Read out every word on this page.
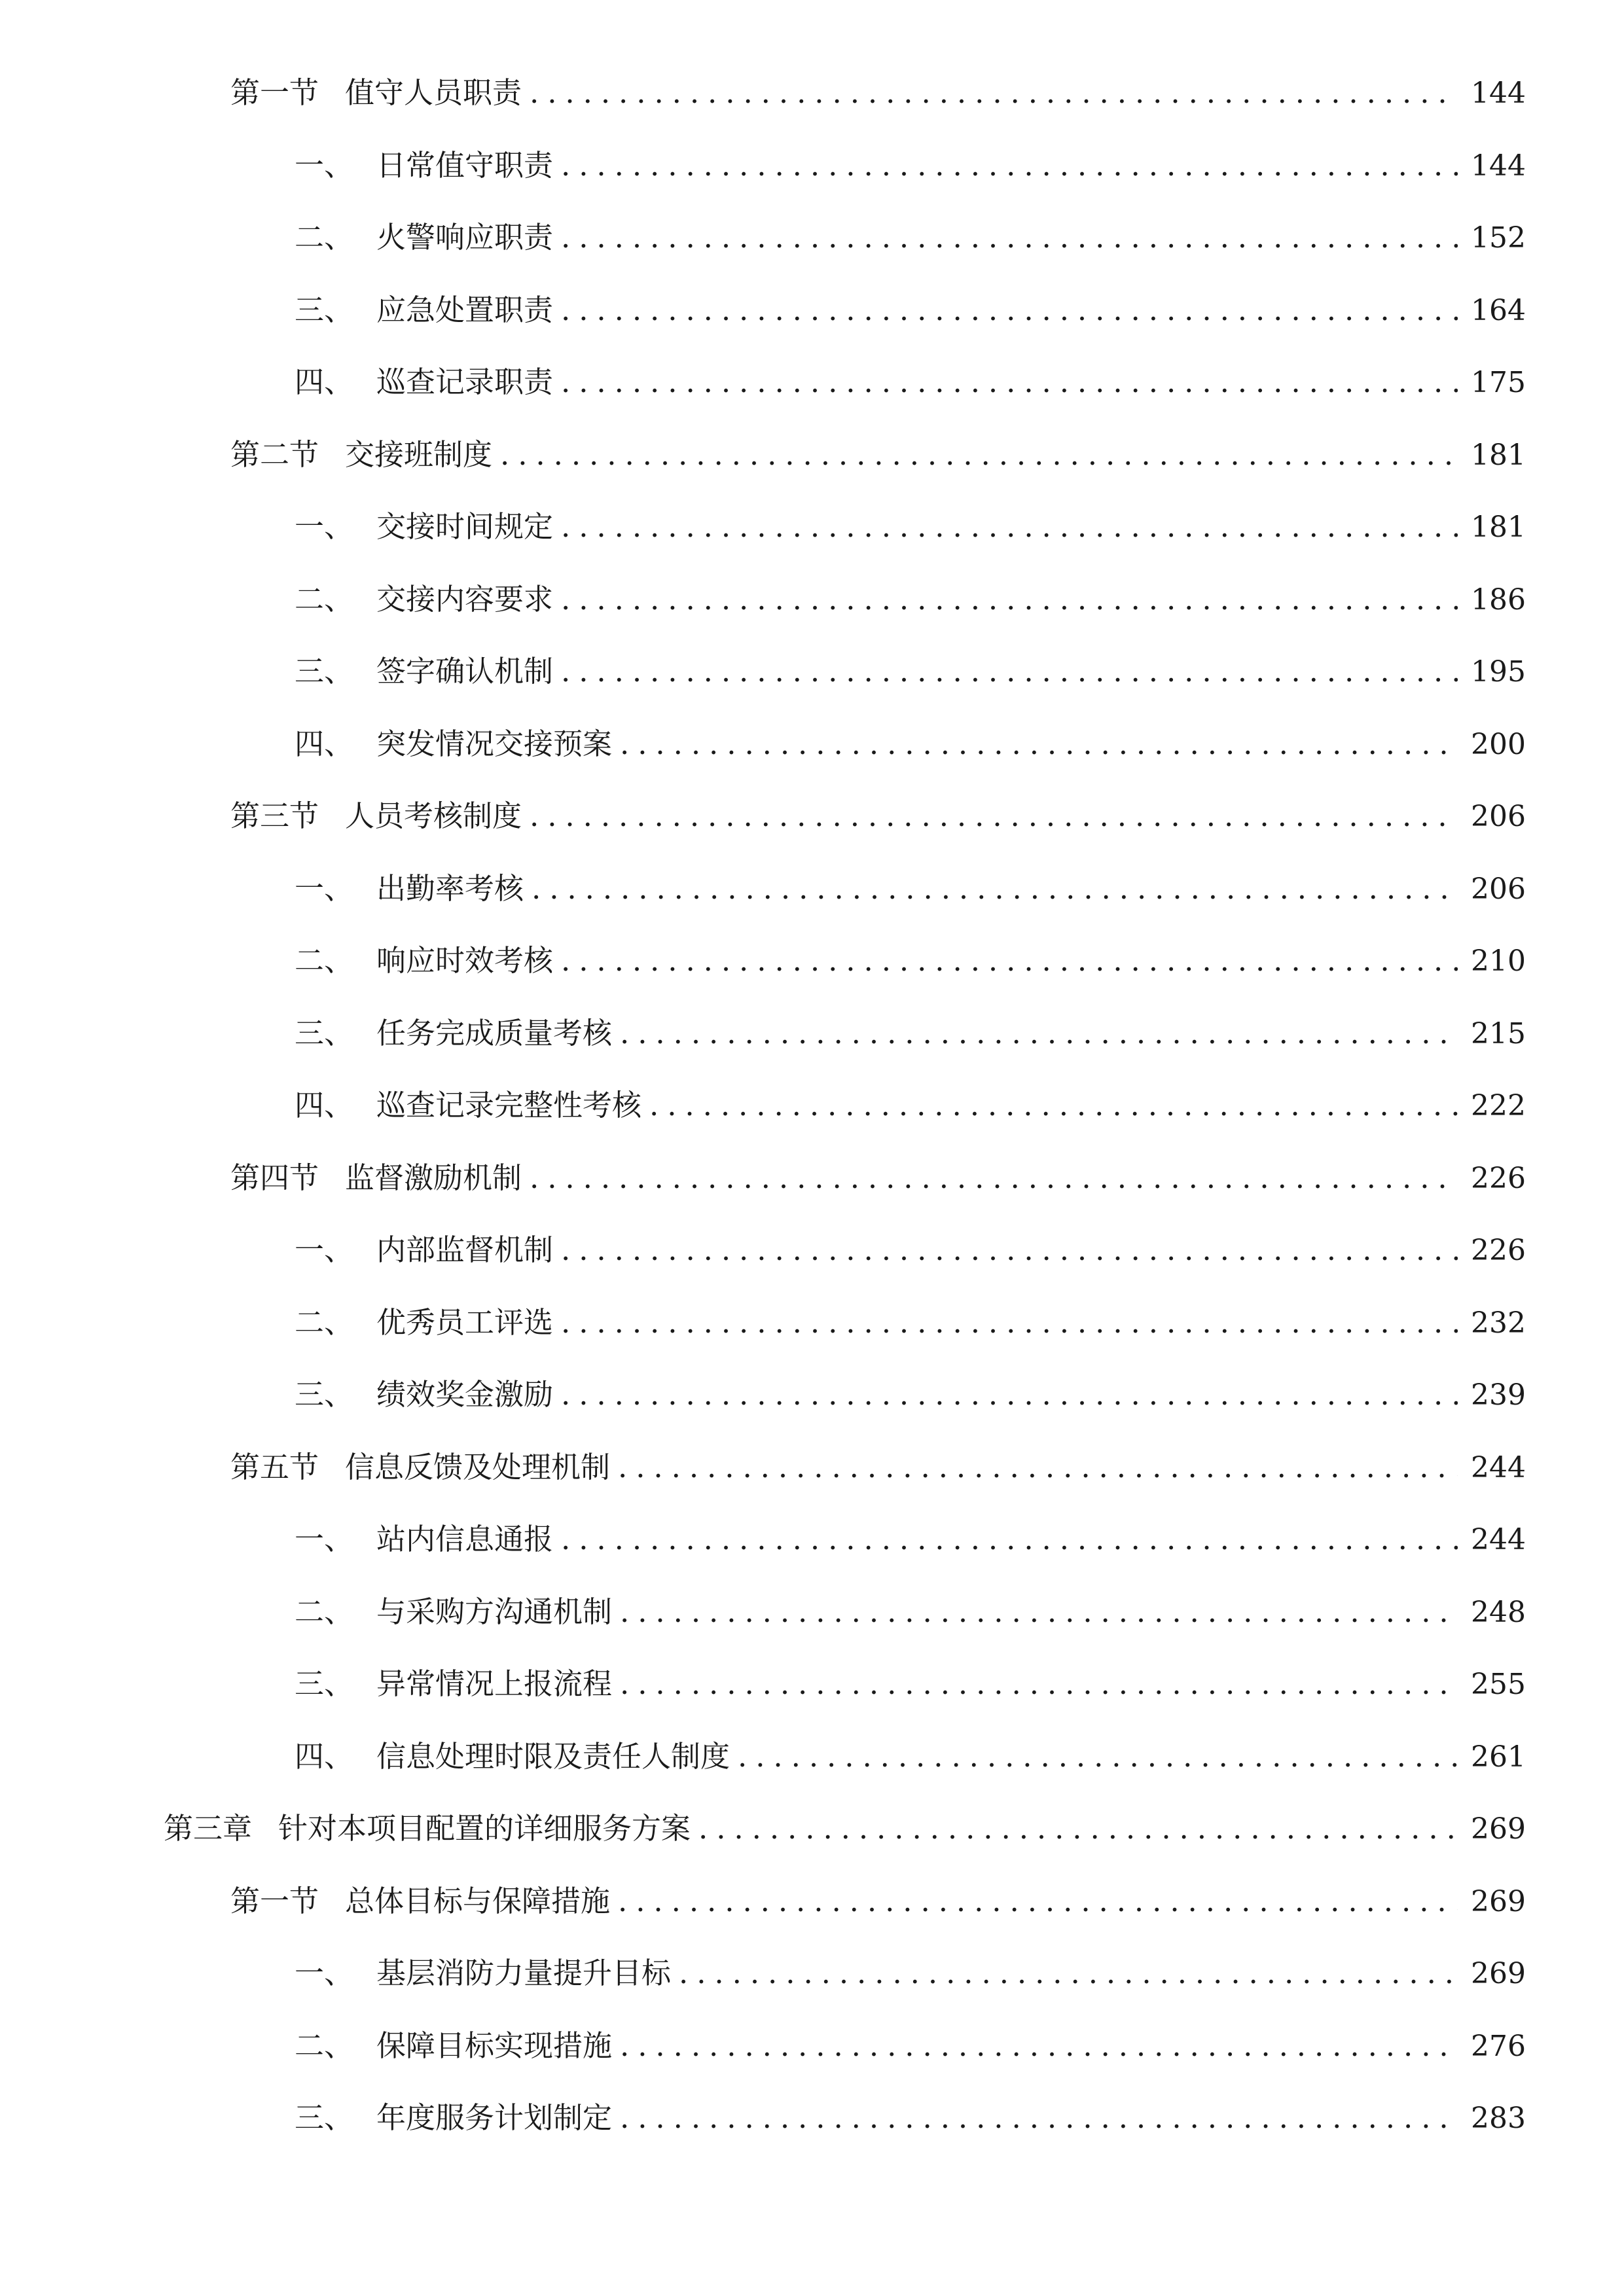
第一节 值守人员职责 .....	144
一、 日常值守职责 .....	144
二、 火警响应职责 .....	152
三、 应急处置职责 .....	164
四、 巡查记录职责 .....	175
第二节 交接班制度 .....	181
一、 交接时间规定 .....	181
二、 交接内容要求 .....	186
三、 签字确认机制 .....	195
四、 突发情况交接预案 .....	200
第三节 人员考核制度 .....	206
一、 出勤率考核 .....	206
二、 响应时效考核 .....	210
三、 任务完成质量考核 .....	215
四、 巡查记录完整性考核 .....	222
第四节 监督激励机制 .....	226
一、 内部监督机制 .....	226
二、 优秀员工评选 .....	232
三、 绩效奖金激励 .....	239
第五节 信息反馈及处理机制 .....	244
一、 站内信息通报 .....	244
二、 与采购方沟通机制 .....	248
三、 异常情况上报流程 .....	255
四、 信息处理时限及责任人制度 .....	261
第三章 针对本项目配置的详细服务方案 .....	269
第一节 总体目标与保障措施 .....	269
一、 基层消防力量提升目标 .....	269
二、 保障目标实现措施 .....	276
三、 年度服务计划制定 .....	283
